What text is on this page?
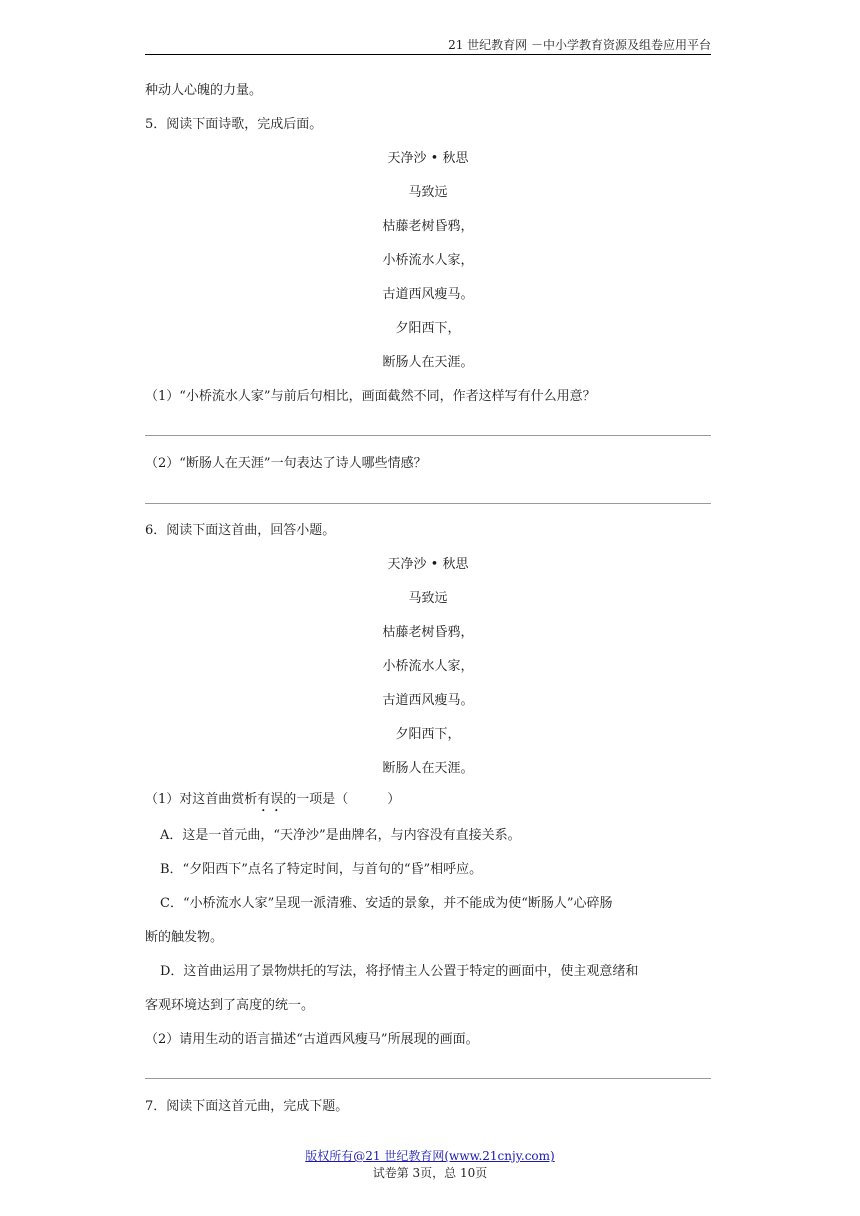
21 世纪教育网 －中小学教育资源及组卷应用平台
种动人心魄的力量。
5．阅读下面诗歌，完成后面。
天净沙 • 秋思
马致远
枯藤老树昏鸦，
小桥流水人家，
古道西风瘦马。
夕阳西下，
断肠人在天涯。
（1）“小桥流水人家”与前后句相比，画面截然不同，作者这样写有什么用意？
（2）“断肠人在天涯”一句表达了诗人哪些情感？
6．阅读下面这首曲，回答小题。
天净沙 • 秋思
马致远
枯藤老树昏鸦，
小桥流水人家，
古道西风瘦马。
夕阳西下，
断肠人在天涯。
（1）对这首曲赏析有误的一项是（　　　）
A．这是一首元曲，“天净沙”是曲牌名，与内容没有直接关系。
B．“夕阳西下”点名了特定时间，与首句的“昏”相呼应。
C．“小桥流水人家”呈现一派清雅、安适的景象，并不能成为使“断肠人”心碎肠
断的触发物。
D．这首曲运用了景物烘托的写法，将抒情主人公置于特定的画面中，使主观意绪和
客观环境达到了高度的统一。
（2）请用生动的语言描述“古道西风瘦马”所展现的画面。
7．阅读下面这首元曲，完成下题。
版权所有@21 世纪教育网(www.21cnjy.com)
试卷第 3页，总 10页
